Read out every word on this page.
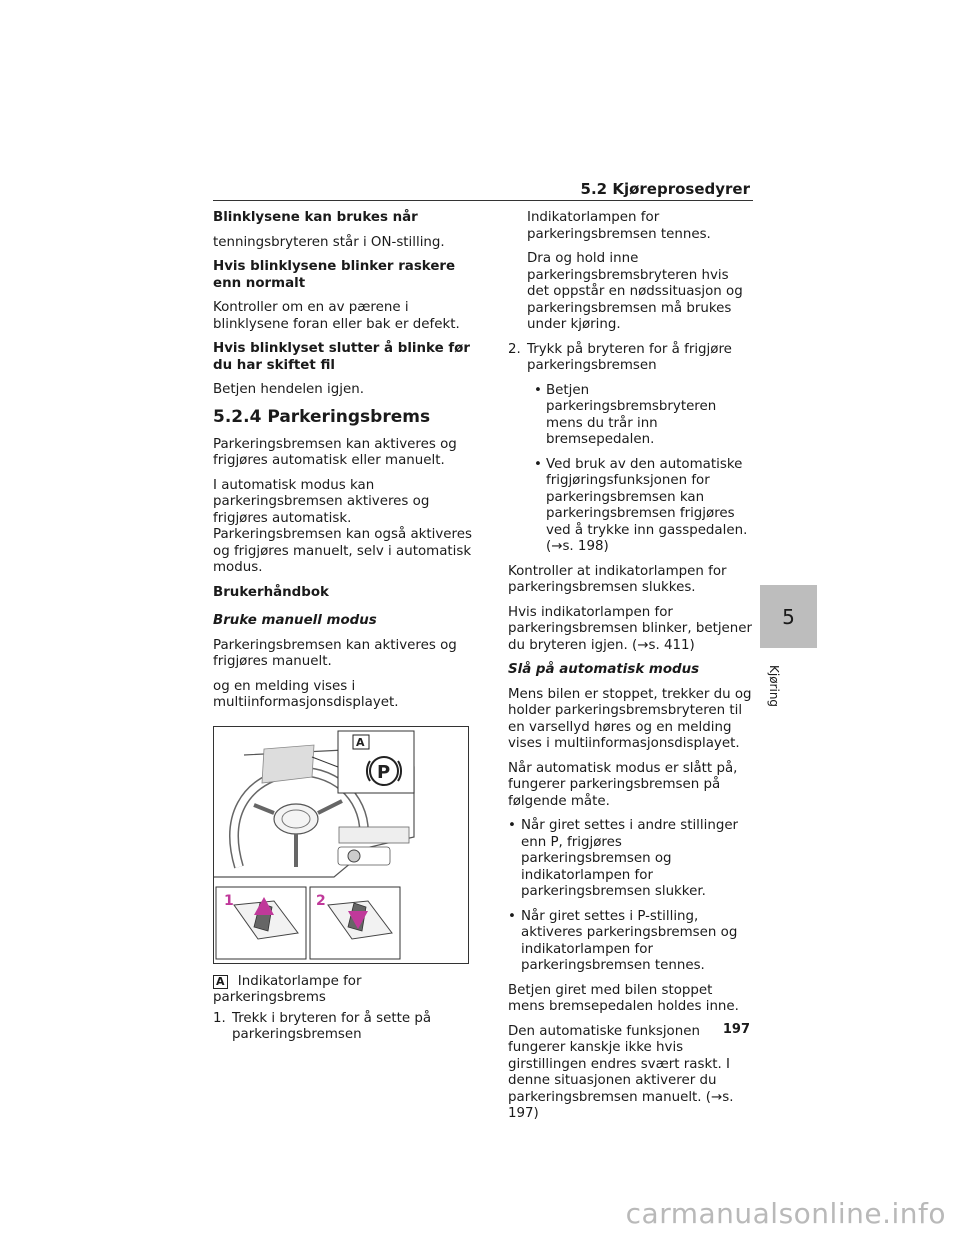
5.2 Kjøreprosedyrer

Blinklysene kan brukes når

tenningsbryteren står i ON-stilling.

Hvis blinklysene blinker raskere enn normalt

Kontroller om en av pærene i blinklysene foran eller bak er defekt.

Hvis blinklyset slutter å blinke før du har skiftet fil

Betjen hendelen igjen.

5.2.4 Parkeringsbrems

Parkeringsbremsen kan aktiveres og frigjøres automatisk eller manuelt.

I automatisk modus kan parkeringsbremsen aktiveres og frigjøres automatisk. Parkeringsbremsen kan også aktiveres og frigjøres manuelt, selv i automatisk modus.

Brukerhåndbok

Bruke manuell modus

Parkeringsbremsen kan aktiveres og frigjøres manuelt.

og en melding vises i multiinformasjonsdisplayet.

1	2
A
P

A Indikatorlampe for parkeringsbrems

1. Trekk i bryteren for å sette på parkeringsbremsen

Indikatorlampen for parkeringsbremsen tennes.

Dra og hold inne parkeringsbremsbryteren hvis det oppstår en nødssituasjon og parkeringsbremsen må brukes under kjøring.

2. Trykk på bryteren for å frigjøre parkeringsbremsen
• Betjen parkeringsbremsbryteren mens du trår inn bremsepedalen.
• Ved bruk av den automatiske frigjøringsfunksjonen for parkeringsbremsen kan parkeringsbremsen frigjøres ved å trykke inn gasspedalen. (→s. 198)

Kontroller at indikatorlampen for parkeringsbremsen slukkes.

Hvis indikatorlampen for parkeringsbremsen blinker, betjener du bryteren igjen. (→s. 411)

Slå på automatisk modus

Mens bilen er stoppet, trekker du og holder parkeringsbremsbryteren til en varsellyd høres og en melding vises i multiinformasjonsdisplayet.

Når automatisk modus er slått på, fungerer parkeringsbremsen på følgende måte.

• Når giret settes i andre stillinger enn P, frigjøres parkeringsbremsen og indikatorlampen for parkeringsbremsen slukker.
• Når giret settes i P-stilling, aktiveres parkeringsbremsen og indikatorlampen for parkeringsbremsen tennes.

Betjen giret med bilen stoppet mens bremsepedalen holdes inne.

Den automatiske funksjonen fungerer kanskje ikke hvis girstillingen endres svært raskt. I denne situasjonen aktiverer du parkeringsbremsen manuelt. (→s. 197)

5
Kjøring
197
carmanualsonline.info
